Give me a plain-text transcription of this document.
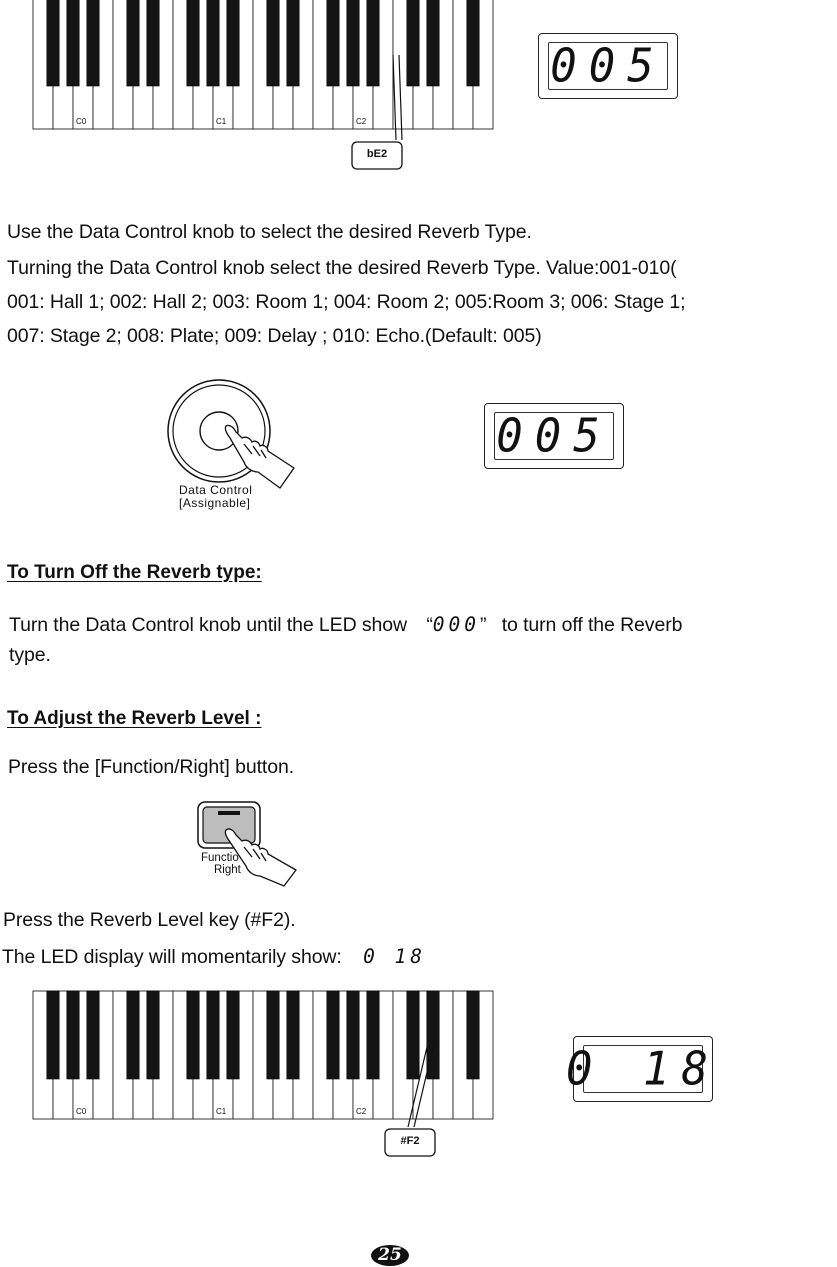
C0	C1	C2
bE2
005
Use the Data Control knob to select the desired Reverb Type.
Turning the Data Control knob select the desired Reverb Type. Value:001-010(
001: Hall 1; 002: Hall 2; 003: Room 1; 004: Room 2; 005:Room 3; 006: Stage 1;
007: Stage 2; 008: Plate; 009: Delay ; 010: Echo.(Default: 005)
Data Control
[Assignable]
005
To Turn Off the Reverb type:
Turn the Data Control knob until the LED show “000” to turn off the Reverb
type.
To Adjust the Reverb Level :
Press the [Function/Right] button.
Functio
Right
Press the Reverb Level key (#F2).
The LED display will momentarily show: 0 18
C0	C1	C2
#F2
0 18
25
